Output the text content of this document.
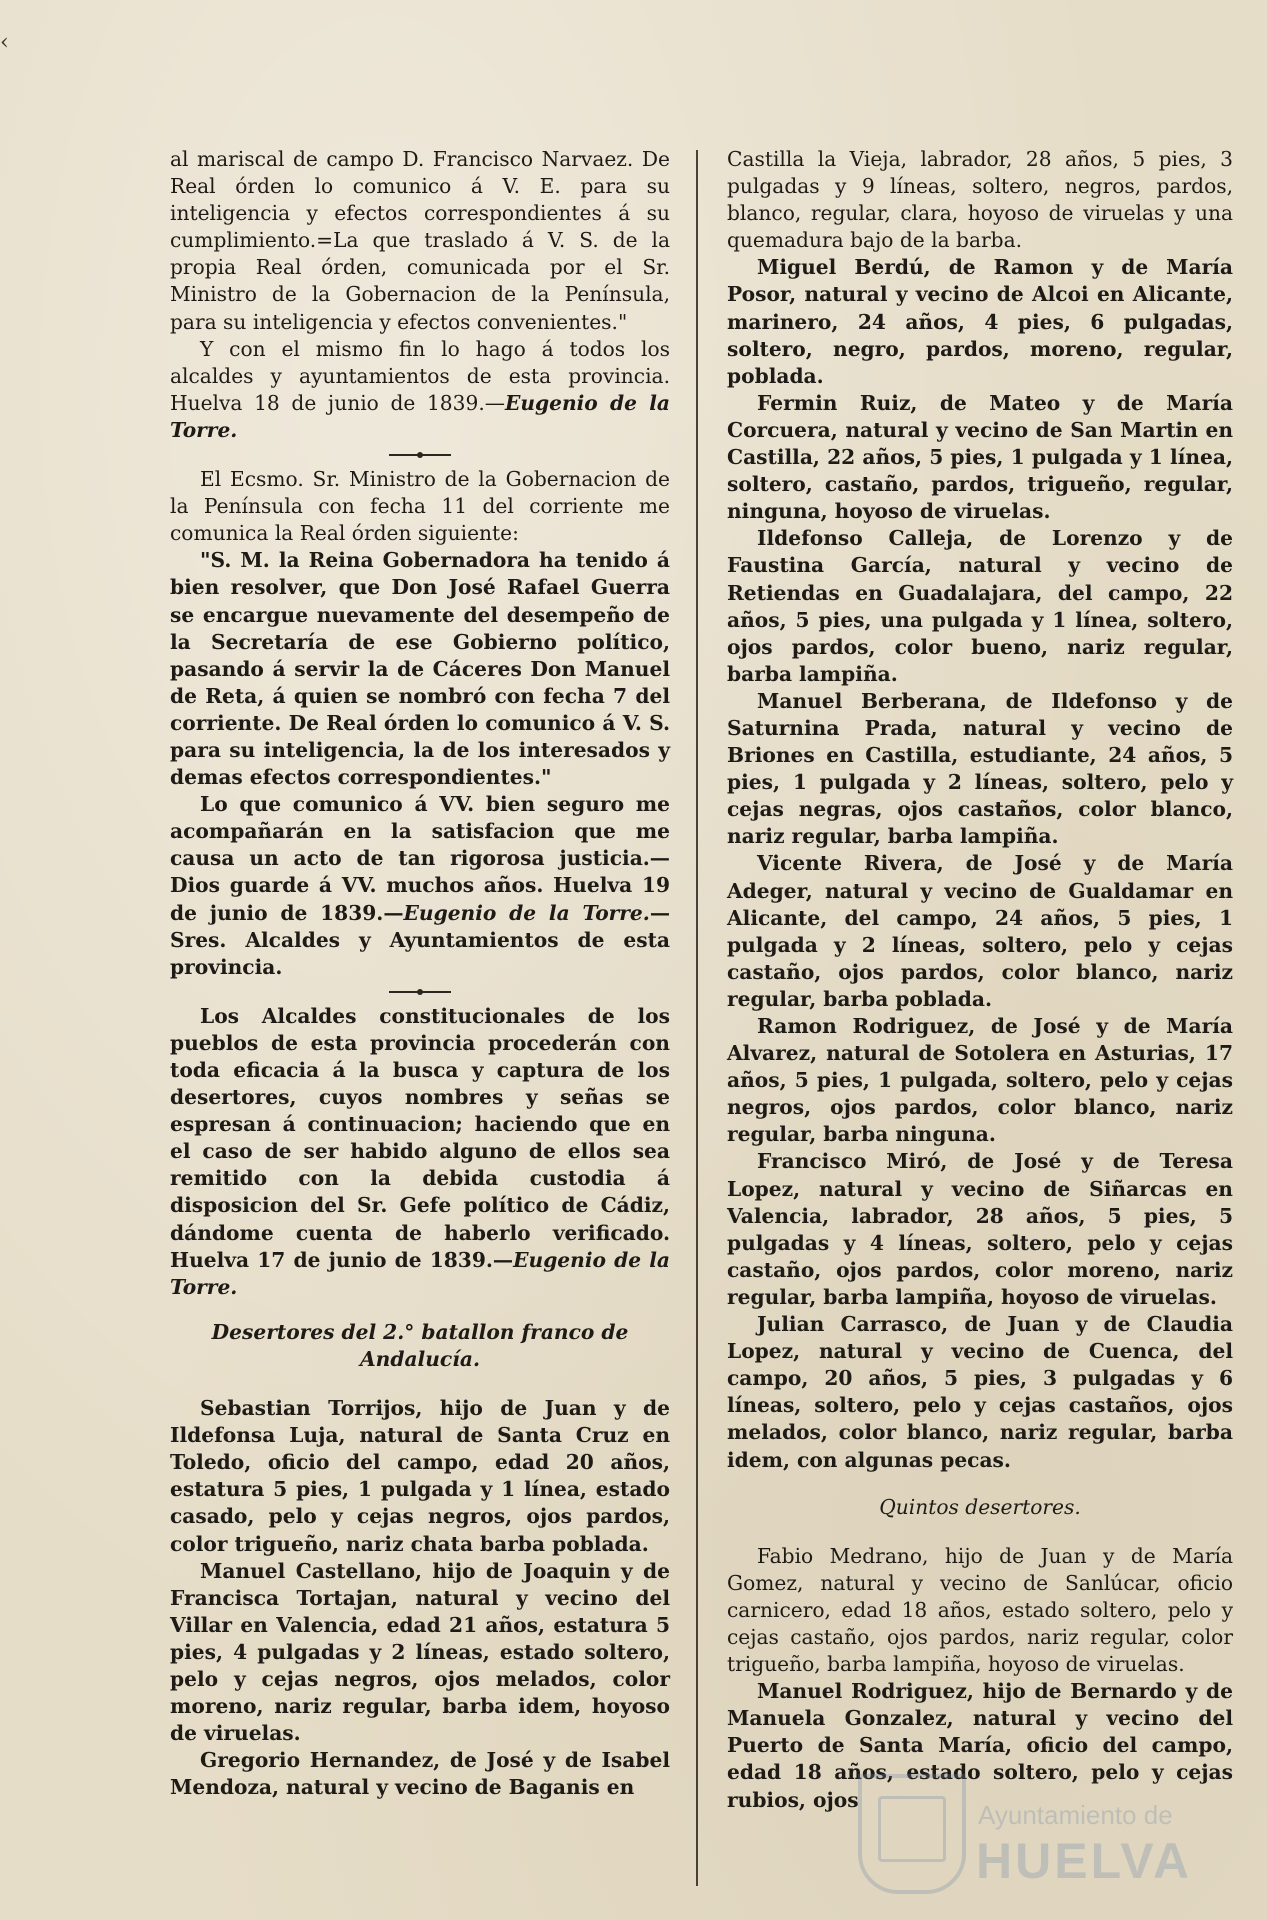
‹

al mariscal de campo D. Francisco Narvaez. De Real órden lo comunico á V. E. para su inteligencia y efectos correspondientes á su cumplimiento.=La que traslado á V. S. de la propia Real órden, comunicada por el Sr. Ministro de la Gobernacion de la Península, para su inteligencia y efectos convenientes."

Y con el mismo fin lo hago á todos los alcaldes y ayuntamientos de esta provincia. Huelva 18 de junio de 1839.—Eugenio de la Torre.

El Ecsmo. Sr. Ministro de la Gobernacion de la Península con fecha 11 del corriente me comunica la Real órden siguiente:

"S. M. la Reina Gobernadora ha tenido á bien resolver, que Don José Rafael Guerra se encargue nuevamente del desempeño de la Secretaría de ese Gobierno político, pasando á servir la de Cáceres Don Manuel de Reta, á quien se nombró con fecha 7 del corriente. De Real órden lo comunico á V. S. para su inteligencia, la de los interesados y demas efectos correspondientes."

Lo que comunico á VV. bien seguro me acompañarán en la satisfacion que me causa un acto de tan rigorosa justicia.—Dios guarde á VV. muchos años. Huelva 19 de junio de 1839.—Eugenio de la Torre.—Sres. Alcaldes y Ayuntamientos de esta provincia.

Los Alcaldes constitucionales de los pueblos de esta provincia procederán con toda eficacia á la busca y captura de los desertores, cuyos nombres y señas se espresan á continuacion; haciendo que en el caso de ser habido alguno de ellos sea remitido con la debida custodia á disposicion del Sr. Gefe político de Cádiz, dándome cuenta de haberlo verificado. Huelva 17 de junio de 1839.—Eugenio de la Torre.

Desertores del 2.° batallon franco de Andalucía.

Sebastian Torrijos, hijo de Juan y de Ildefonsa Luja, natural de Santa Cruz en Toledo, oficio del campo, edad 20 años, estatura 5 pies, 1 pulgada y 1 línea, estado casado, pelo y cejas negros, ojos pardos, color trigueño, nariz chata barba poblada.

Manuel Castellano, hijo de Joaquin y de Francisca Tortajan, natural y vecino del Villar en Valencia, edad 21 años, estatura 5 pies, 4 pulgadas y 2 líneas, estado soltero, pelo y cejas negros, ojos melados, color moreno, nariz regular, barba idem, hoyoso de viruelas.

Gregorio Hernandez, de José y de Isabel Mendoza, natural y vecino de Baganis en

Castilla la Vieja, labrador, 28 años, 5 pies, 3 pulgadas y 9 líneas, soltero, negros, pardos, blanco, regular, clara, hoyoso de viruelas y una quemadura bajo de la barba.

Miguel Berdú, de Ramon y de María Posor, natural y vecino de Alcoi en Alicante, marinero, 24 años, 4 pies, 6 pulgadas, soltero, negro, pardos, moreno, regular, poblada.

Fermin Ruiz, de Mateo y de María Corcuera, natural y vecino de San Martin en Castilla, 22 años, 5 pies, 1 pulgada y 1 línea, soltero, castaño, pardos, trigueño, regular, ninguna, hoyoso de viruelas.

Ildefonso Calleja, de Lorenzo y de Faustina García, natural y vecino de Retiendas en Guadalajara, del campo, 22 años, 5 pies, una pulgada y 1 línea, soltero, ojos pardos, color bueno, nariz regular, barba lampiña.

Manuel Berberana, de Ildefonso y de Saturnina Prada, natural y vecino de Briones en Castilla, estudiante, 24 años, 5 pies, 1 pulgada y 2 líneas, soltero, pelo y cejas negras, ojos castaños, color blanco, nariz regular, barba lampiña.

Vicente Rivera, de José y de María Adeger, natural y vecino de Gualdamar en Alicante, del campo, 24 años, 5 pies, 1 pulgada y 2 líneas, soltero, pelo y cejas castaño, ojos pardos, color blanco, nariz regular, barba poblada.

Ramon Rodriguez, de José y de María Alvarez, natural de Sotolera en Asturias, 17 años, 5 pies, 1 pulgada, soltero, pelo y cejas negros, ojos pardos, color blanco, nariz regular, barba ninguna.

Francisco Miró, de José y de Teresa Lopez, natural y vecino de Siñarcas en Valencia, labrador, 28 años, 5 pies, 5 pulgadas y 4 líneas, soltero, pelo y cejas castaño, ojos pardos, color moreno, nariz regular, barba lampiña, hoyoso de viruelas.

Julian Carrasco, de Juan y de Claudia Lopez, natural y vecino de Cuenca, del campo, 20 años, 5 pies, 3 pulgadas y 6 líneas, soltero, pelo y cejas castaños, ojos melados, color blanco, nariz regular, barba idem, con algunas pecas.

Quintos desertores.

Fabio Medrano, hijo de Juan y de María Gomez, natural y vecino de Sanlúcar, oficio carnicero, edad 18 años, estado soltero, pelo y cejas castaño, ojos pardos, nariz regular, color trigueño, barba lampiña, hoyoso de viruelas.

Manuel Rodriguez, hijo de Bernardo y de Manuela Gonzalez, natural y vecino del Puerto de Santa María, oficio del campo, edad 18 años, estado soltero, pelo y cejas rubios, ojos

Ayuntamiento de
HUELVA
